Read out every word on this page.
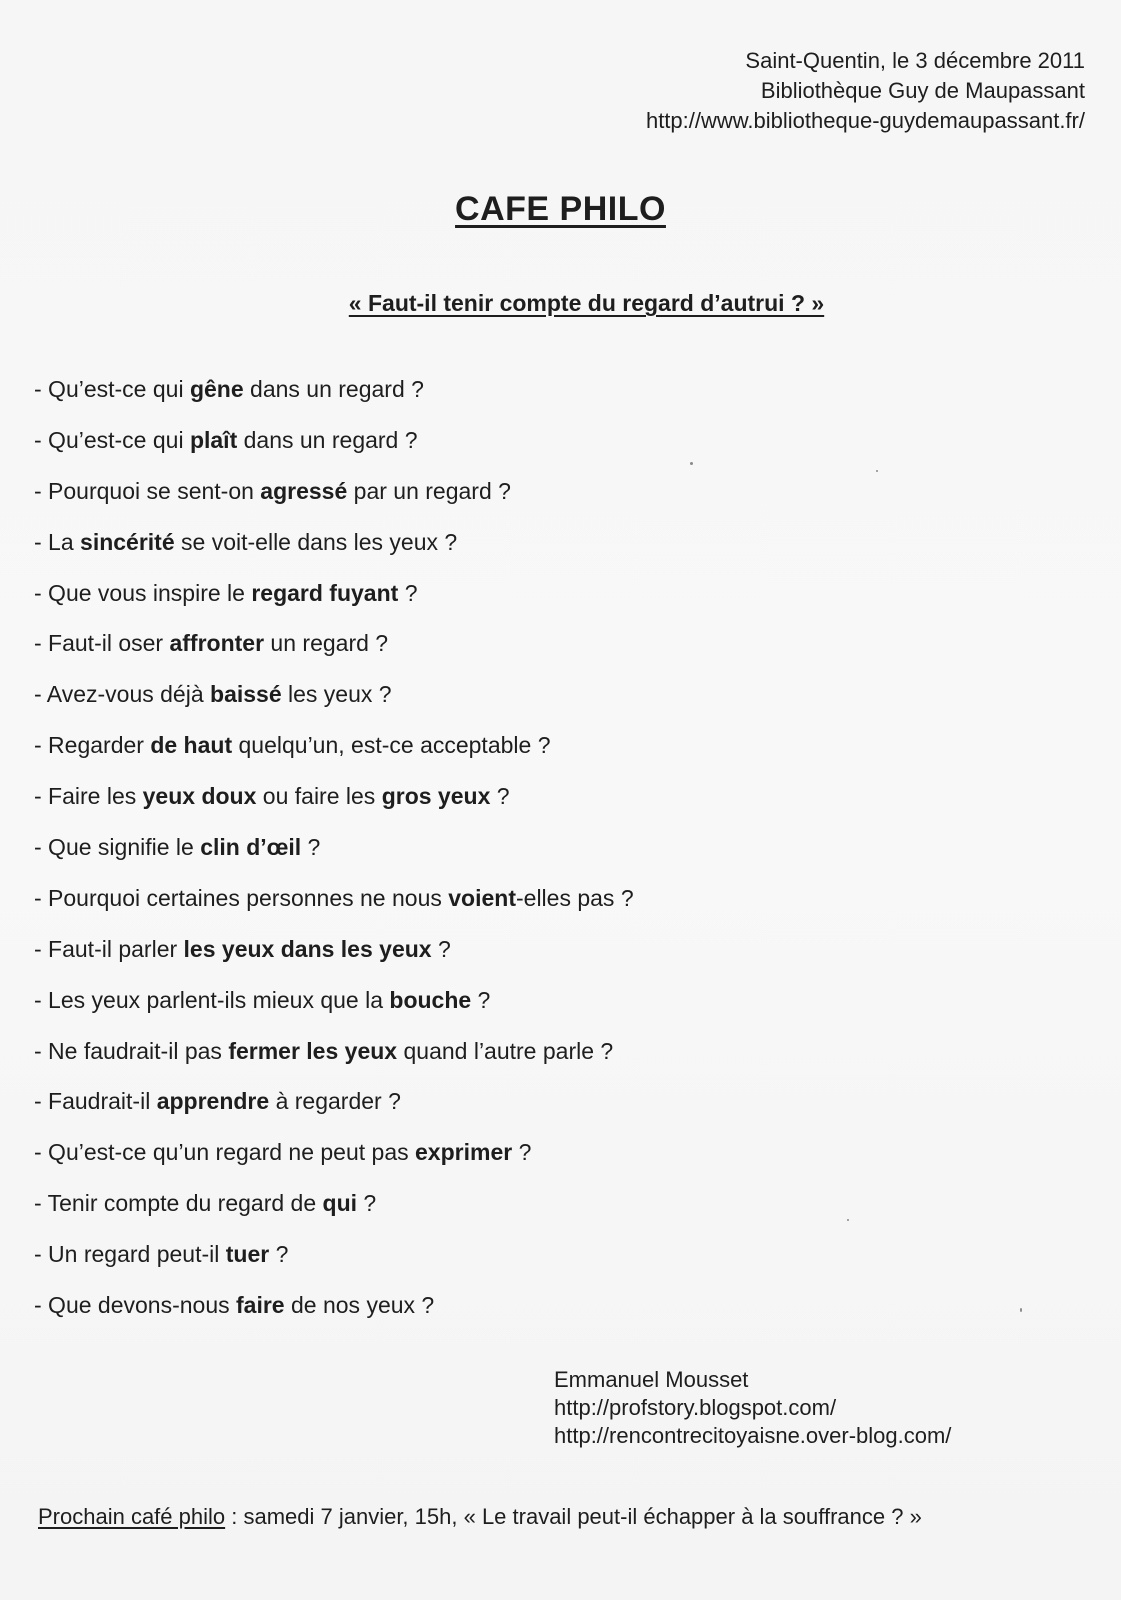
Saint-Quentin, le 3 décembre 2011
Bibliothèque Guy de Maupassant
http://www.bibliotheque-guydemaupassant.fr/
CAFE PHILO
« Faut-il tenir compte du regard d’autrui ? »
- Qu’est-ce qui gêne dans un regard ?
- Qu’est-ce qui plaît dans un regard ?
- Pourquoi se sent-on agressé par un regard ?
- La sincérité se voit-elle dans les yeux ?
- Que vous inspire le regard fuyant ?
- Faut-il oser affronter un regard ?
- Avez-vous déjà baissé les yeux ?
- Regarder de haut quelqu’un, est-ce acceptable ?
- Faire les yeux doux ou faire les gros yeux ?
- Que signifie le clin d’œil ?
- Pourquoi certaines personnes ne nous voient-elles pas ?
- Faut-il parler les yeux dans les yeux ?
- Les yeux parlent-ils mieux que la bouche ?
- Ne faudrait-il pas fermer les yeux quand l’autre parle ?
- Faudrait-il apprendre à regarder ?
- Qu’est-ce qu’un regard ne peut pas exprimer ?
- Tenir compte du regard de qui ?
- Un regard peut-il tuer ?
- Que devons-nous faire de nos yeux ?
Emmanuel Mousset
http://profstory.blogspot.com/
http://rencontrecitoyaisne.over-blog.com/
Prochain café philo : samedi 7 janvier, 15h, « Le travail peut-il échapper à la souffrance ? »
